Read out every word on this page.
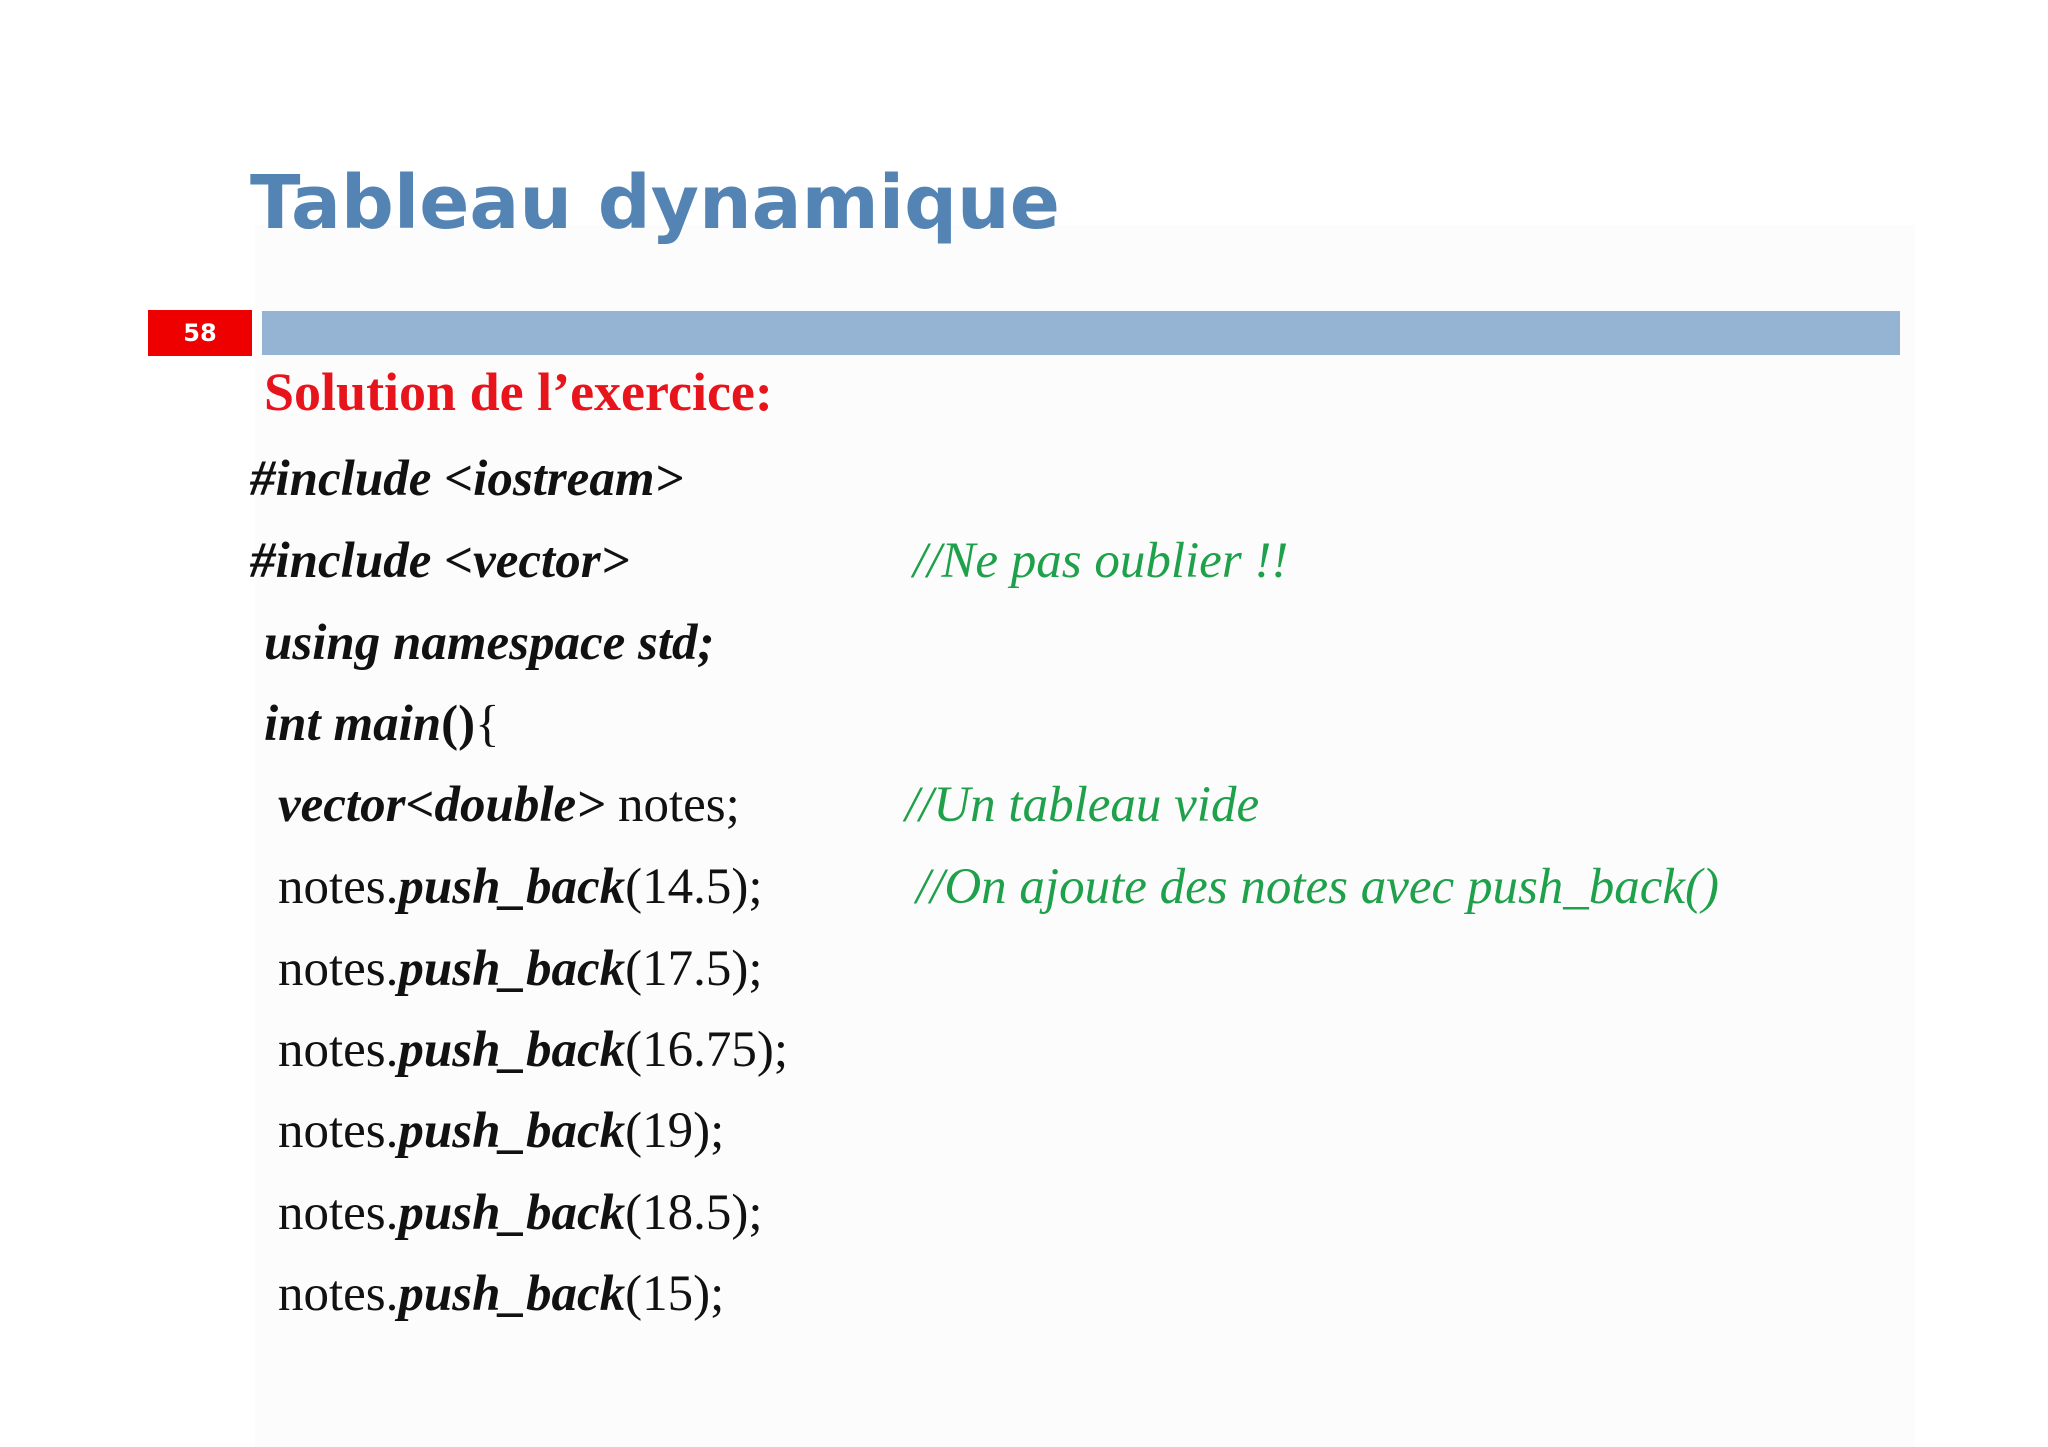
Tableau dynamique
58
Solution de l’exercice:
#include <iostream>
#include <vector>	//Ne pas oublier !!
using namespace std;
int main(){
vector<double> notes;	//Un tableau vide
notes.push_back(14.5);	//On ajoute des notes avec push_back()
notes.push_back(17.5);
notes.push_back(16.75);
notes.push_back(19);
notes.push_back(18.5);
notes.push_back(15);
